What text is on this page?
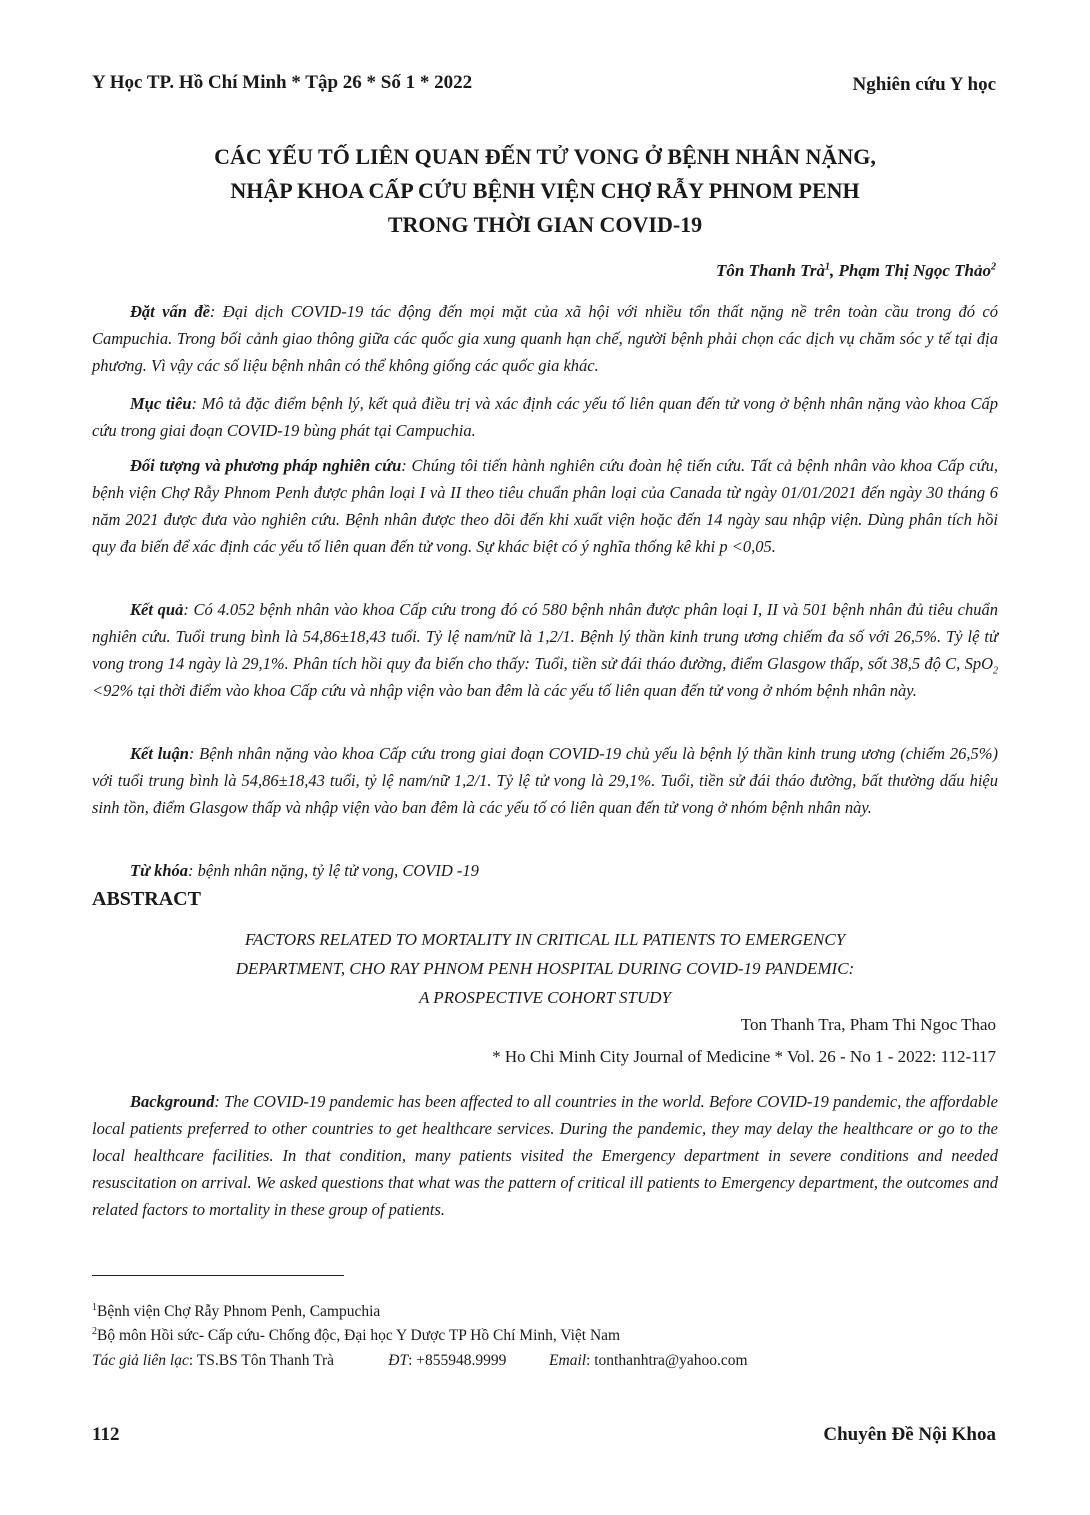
Y Học TP. Hồ Chí Minh * Tập 26 * Số 1 * 2022	Nghiên cứu Y học
CÁC YẾU TỐ LIÊN QUAN ĐẾN TỬ VONG Ở BỆNH NHÂN NẶNG,
NHẬP KHOA CẤP CỨU BỆNH VIỆN CHỢ RẪY PHNOM PENH
TRONG THỜI GIAN COVID-19
Tôn Thanh Trà$^1$, Phạm Thị Ngọc Thảo$^2$

Đặt vấn đề: Đại dịch COVID-19 tác động đến mọi mặt của xã hội với nhiều tổn thất nặng nề trên toàn cầu trong đó có Campuchia. Trong bối cảnh giao thông giữa các quốc gia xung quanh hạn chế, người bệnh phải chọn các dịch vụ chăm sóc y tế tại địa phương. Vì vậy các số liệu bệnh nhân có thể không giống các quốc gia khác.

Mục tiêu: Mô tả đặc điểm bệnh lý, kết quả điều trị và xác định các yếu tố liên quan đến tử vong ở bệnh nhân nặng vào khoa Cấp cứu trong giai đoạn COVID-19 bùng phát tại Campuchia.

Đối tượng và phương pháp nghiên cứu: Chúng tôi tiến hành nghiên cứu đoàn hệ tiến cứu. Tất cả bệnh nhân vào khoa Cấp cứu, bệnh viện Chợ Rẫy Phnom Penh được phân loại I và II theo tiêu chuẩn phân loại của Canada từ ngày 01/01/2021 đến ngày 30 tháng 6 năm 2021 được đưa vào nghiên cứu. Bệnh nhân được theo dõi đến khi xuất viện hoặc đến 14 ngày sau nhập viện. Dùng phân tích hồi quy đa biến để xác định các yếu tố liên quan đến tử vong. Sự khác biệt có ý nghĩa thống kê khi p <0,05.

Kết quả: Có 4.052 bệnh nhân vào khoa Cấp cứu trong đó có 580 bệnh nhân được phân loại I, II và 501 bệnh nhân đủ tiêu chuẩn nghiên cứu. Tuổi trung bình là 54,86±18,43 tuổi. Tỷ lệ nam/nữ là 1,2/1. Bệnh lý thần kinh trung ương chiếm đa số với 26,5%. Tỷ lệ tử vong trong 14 ngày là 29,1%. Phân tích hồi quy đa biến cho thấy: Tuổi, tiền sử đái tháo đường, điểm Glasgow thấp, sốt 38,5 độ C, SpO$_2$ <92% tại thời điểm vào khoa Cấp cứu và nhập viện vào ban đêm là các yếu tố liên quan đến tử vong ở nhóm bệnh nhân này.

Kết luận: Bệnh nhân nặng vào khoa Cấp cứu trong giai đoạn COVID-19 chủ yếu là bệnh lý thần kinh trung ương (chiếm 26,5%) với tuổi trung bình là 54,86±18,43 tuổi, tỷ lệ nam/nữ 1,2/1. Tỷ lệ tử vong là 29,1%. Tuổi, tiền sử đái tháo đường, bất thường dấu hiệu sinh tồn, điểm Glasgow thấp và nhập viện vào ban đêm là các yếu tố có liên quan đến tử vong ở nhóm bệnh nhân này.

Từ khóa: bệnh nhân nặng, tỷ lệ tử vong, COVID -19

ABSTRACT
FACTORS RELATED TO MORTALITY IN CRITICAL ILL PATIENTS TO EMERGENCY
DEPARTMENT, CHO RAY PHNOM PENH HOSPITAL DURING COVID-19 PANDEMIC:
A PROSPECTIVE COHORT STUDY
Ton Thanh Tra, Pham Thi Ngoc Thao
* Ho Chi Minh City Journal of Medicine * Vol. 26 - No 1 - 2022: 112-117

Background: The COVID-19 pandemic has been affected to all countries in the world. Before COVID-19 pandemic, the affordable local patients preferred to other countries to get healthcare services. During the pandemic, they may delay the healthcare or go to the local healthcare facilities. In that condition, many patients visited the Emergency department in severe conditions and needed resuscitation on arrival. We asked questions that what was the pattern of critical ill patients to Emergency department, the outcomes and related factors to mortality in these group of patients.

$^1$Bệnh viện Chợ Rẫy Phnom Penh, Campuchia
$^2$Bộ môn Hồi sức- Cấp cứu- Chống độc, Đại học Y Dược TP Hồ Chí Minh, Việt Nam
Tác giả liên lạc: TS.BS Tôn Thanh Trà	ĐT: +855948.9999	Email: tonthanhtra@yahoo.com
112	Chuyên Đề Nội Khoa
